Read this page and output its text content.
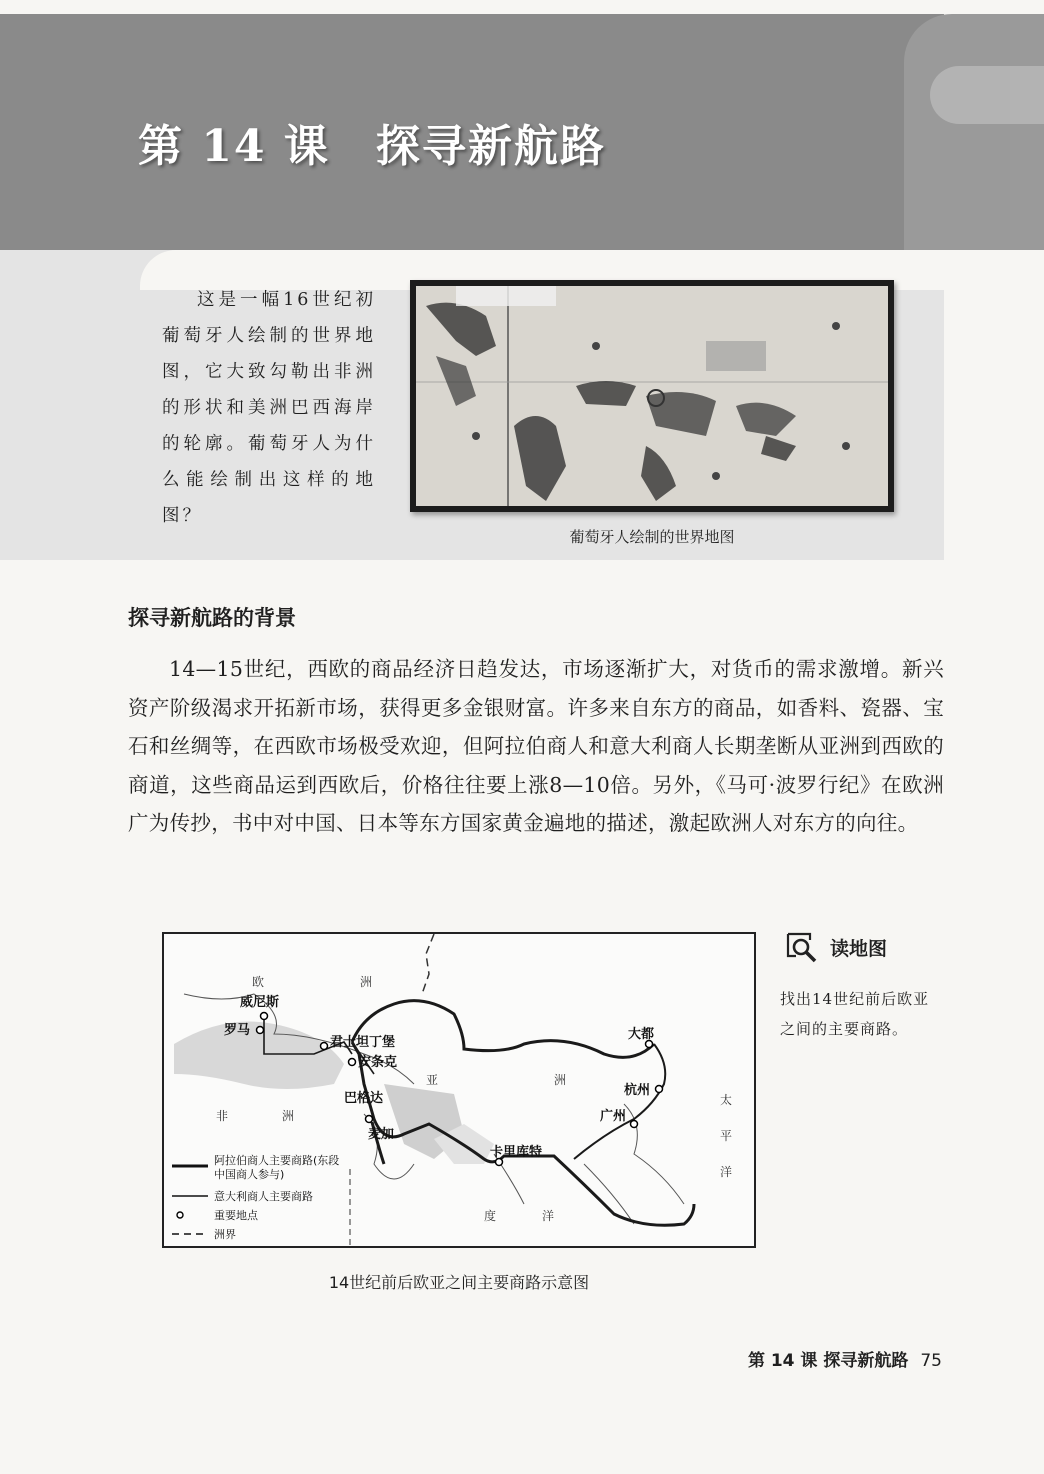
第 14 课 探寻新航路

这是一幅16世纪初葡萄牙人绘制的世界地图，它大致勾勒出非洲的形状和美洲巴西海岸的轮廓。葡萄牙人为什么能绘制出这样的地图？

葡萄牙人绘制的世界地图

探寻新航路的背景

14—15世纪，西欧的商品经济日趋发达，市场逐渐扩大，对货币的需求激增。新兴资产阶级渴求开拓新市场，获得更多金银财富。许多来自东方的商品，如香料、瓷器、宝石和丝绸等，在西欧市场极受欢迎，但阿拉伯商人和意大利商人长期垄断从亚洲到西欧的商道，这些商品运到西欧后，价格往往要上涨8—10倍。另外，《马可·波罗行纪》在欧洲广为传抄，书中对中国、日本等东方国家黄金遍地的描述，激起欧洲人对东方的向往。

欧	洲
亚	洲
非	洲
度	洋
太
平
洋
威尼斯
罗马
君士坦丁堡
安条克
巴格达
麦加
卡里库特
大都
杭州
广州
阿拉伯商人主要商路(东段
中国商人参与)
意大利商人主要商路
重要地点
洲界

14世纪前后欧亚之间主要商路示意图

读地图

找出14世纪前后欧亚之间的主要商路。

第 14 课 探寻新航路 75
